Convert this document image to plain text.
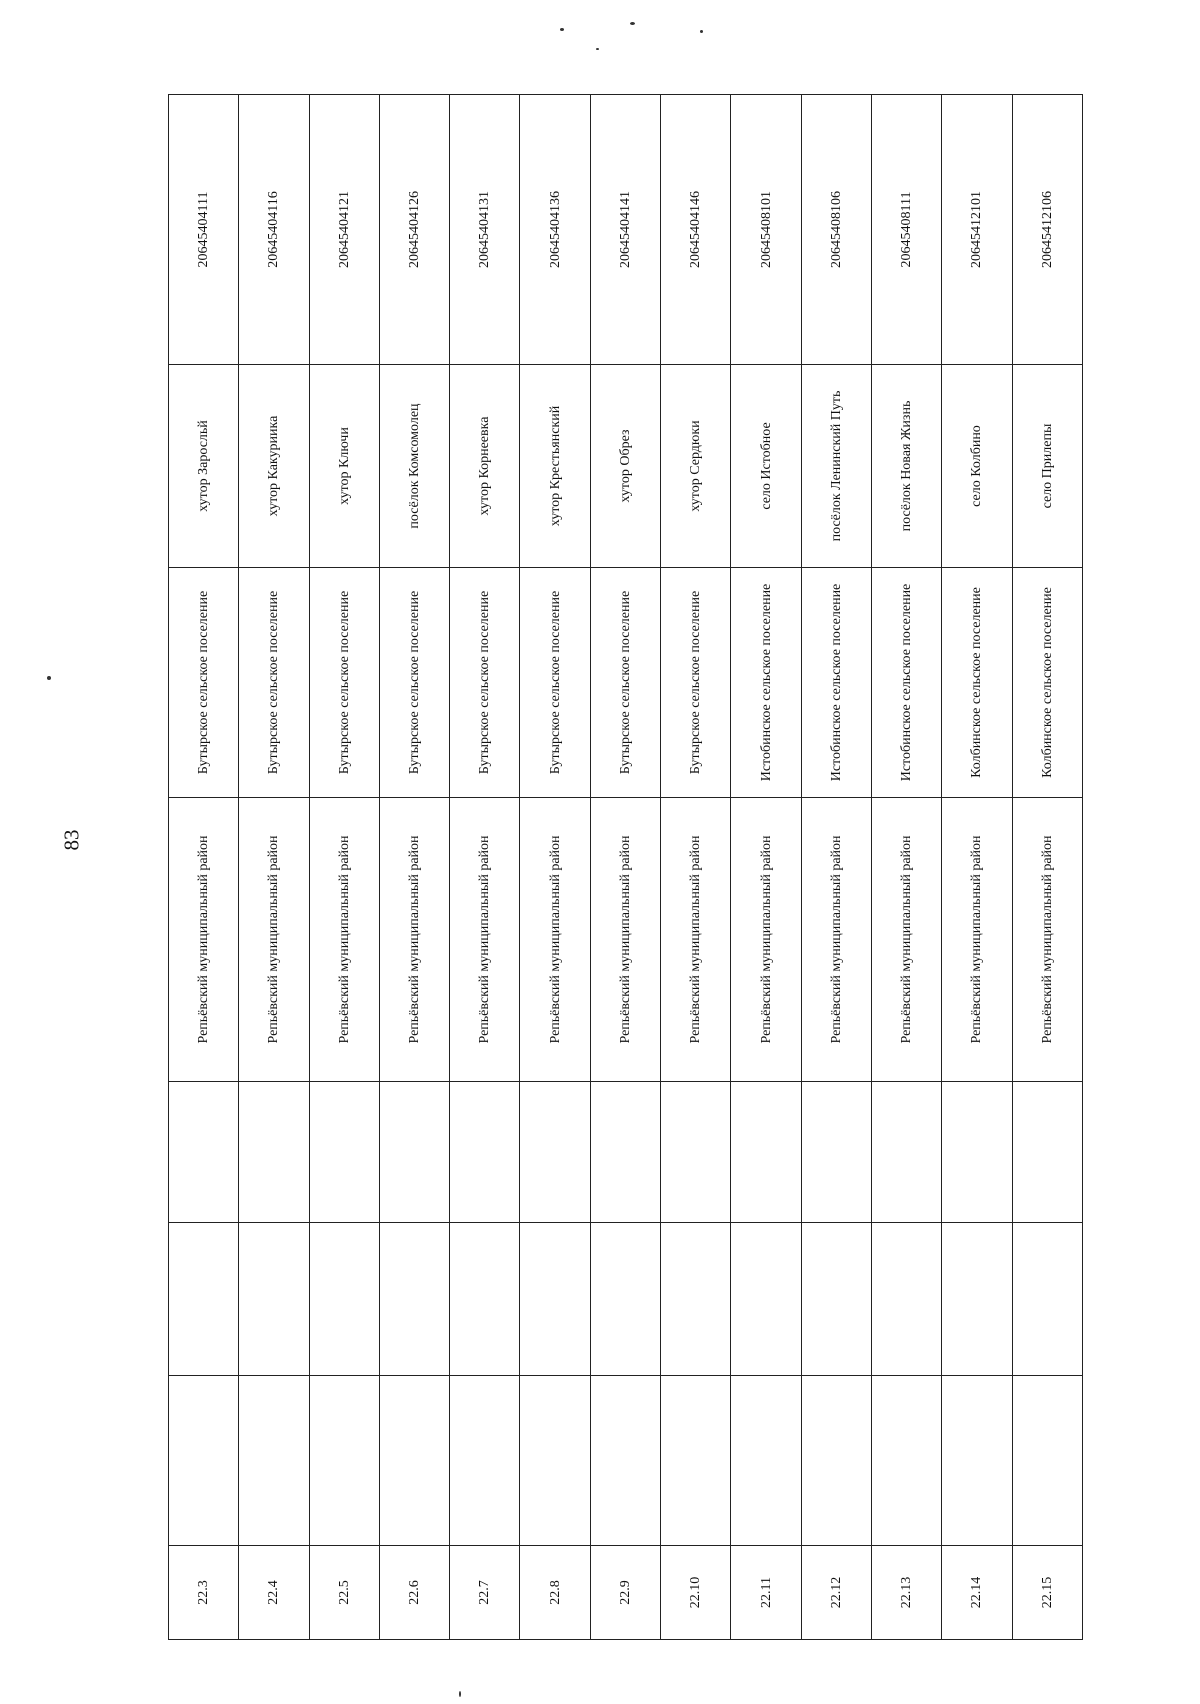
83
22.3				Репьёвский муниципальный район	Бутырское сельское поселение	хутор Заросльй	20645404111
22.4				Репьёвский муниципальный район	Бутырское сельское поселение	хутор Какуриика	20645404116
22.5				Репьёвский муниципальный район	Бутырское сельское поселение	хутор Ключи	20645404121
22.6				Репьёвский муниципальный район	Бутырское сельское поселение	посёлок Комсомолец	20645404126
22.7				Репьёвский муниципальный район	Бутырское сельское поселение	хутор Корнеевка	20645404131
22.8				Репьёвский муниципальный район	Бутырское сельское поселение	хутор Крестьянский	20645404136
22.9				Репьёвский муниципальный район	Бутырское сельское поселение	хутор Обрез	20645404141
22.10				Репьёвский муниципальный район	Бутырское сельское поселение	хутор Сердюки	20645404146
22.11				Репьёвский муниципальный район	Истобинское сельское поселение	село Истобное	20645408101
22.12				Репьёвский муниципальный район	Истобинское сельское поселение	посёлок Ленинский Путь	20645408106
22.13				Репьёвский муниципальный район	Истобинское сельское поселение	посёлок Новая Жизнь	20645408111
22.14				Репьёвский муниципальный район	Колбинское сельское поселение	село Колбино	20645412101
22.15				Репьёвский муниципальный район	Колбинское сельское поселение	село Прилепы	20645412106
